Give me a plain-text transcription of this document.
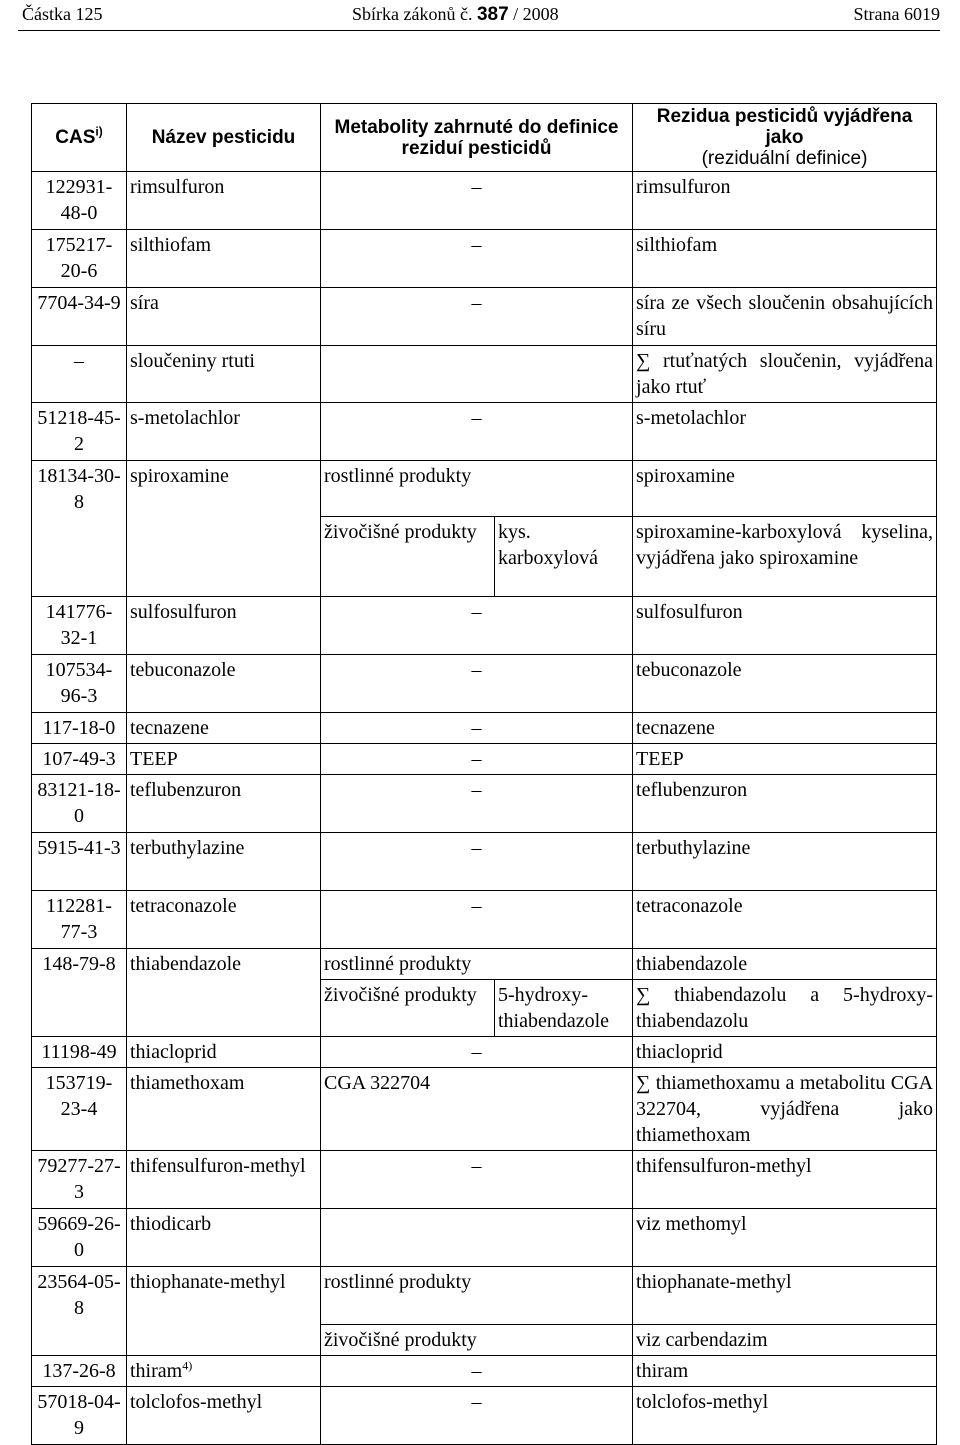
Částka 125	Sbírka zákonů č. 387 / 2008	Strana 6019
CAS$^{i)}$	Název pesticidu	Metabolity zahrnuté do definice reziduí pesticidů		Rezidua pesticidů vyjádřena jako
(reziduální definice)
122931-48-0	rimsulfuron	–		rimsulfuron
175217-20-6	silthiofam	–		silthiofam
7704-34-9	síra	–		síra ze všech sloučenin obsahujících síru
–	sloučeniny rtuti			∑ rtuťnatých sloučenin, vyjádřena jako rtuť
51218-45-2	s-metolachlor	–		s-metolachlor
18134-30-8	spiroxamine	rostlinné produkty		spiroxamine
		živočišné produkty	kys. karboxylová	spiroxamine-karboxylová kyselina, vyjádřena jako spiroxamine
141776-32-1	sulfosulfuron	–		sulfosulfuron
107534-96-3	tebuconazole	–		tebuconazole
117-18-0	tecnazene	–		tecnazene
107-49-3	TEEP	–		TEEP
83121-18-0	teflubenzuron	–		teflubenzuron
5915-41-3	terbuthylazine	–		terbuthylazine
112281-77-3	tetraconazole	–		tetraconazole
148-79-8	thiabendazole	rostlinné produkty		thiabendazole
		živočišné produkty	5-hydroxy-thiabendazole	∑ thiabendazolu a 5-hydroxy-thiabendazolu
11198-49	thiacloprid	–		thiacloprid
153719-23-4	thiamethoxam	CGA 322704		∑ thiamethoxamu a metabolitu CGA 322704, vyjádřena jako thiamethoxam
79277-27-3	thifensulfuron-methyl	–		thifensulfuron-methyl
59669-26-0	thiodicarb			viz methomyl
23564-05-8	thiophanate-methyl	rostlinné produkty		thiophanate-methyl
		živočišné produkty		viz carbendazim
137-26-8	thiram$^{4)}$	–		thiram
57018-04-9	tolclofos-methyl	–		tolclofos-methyl
